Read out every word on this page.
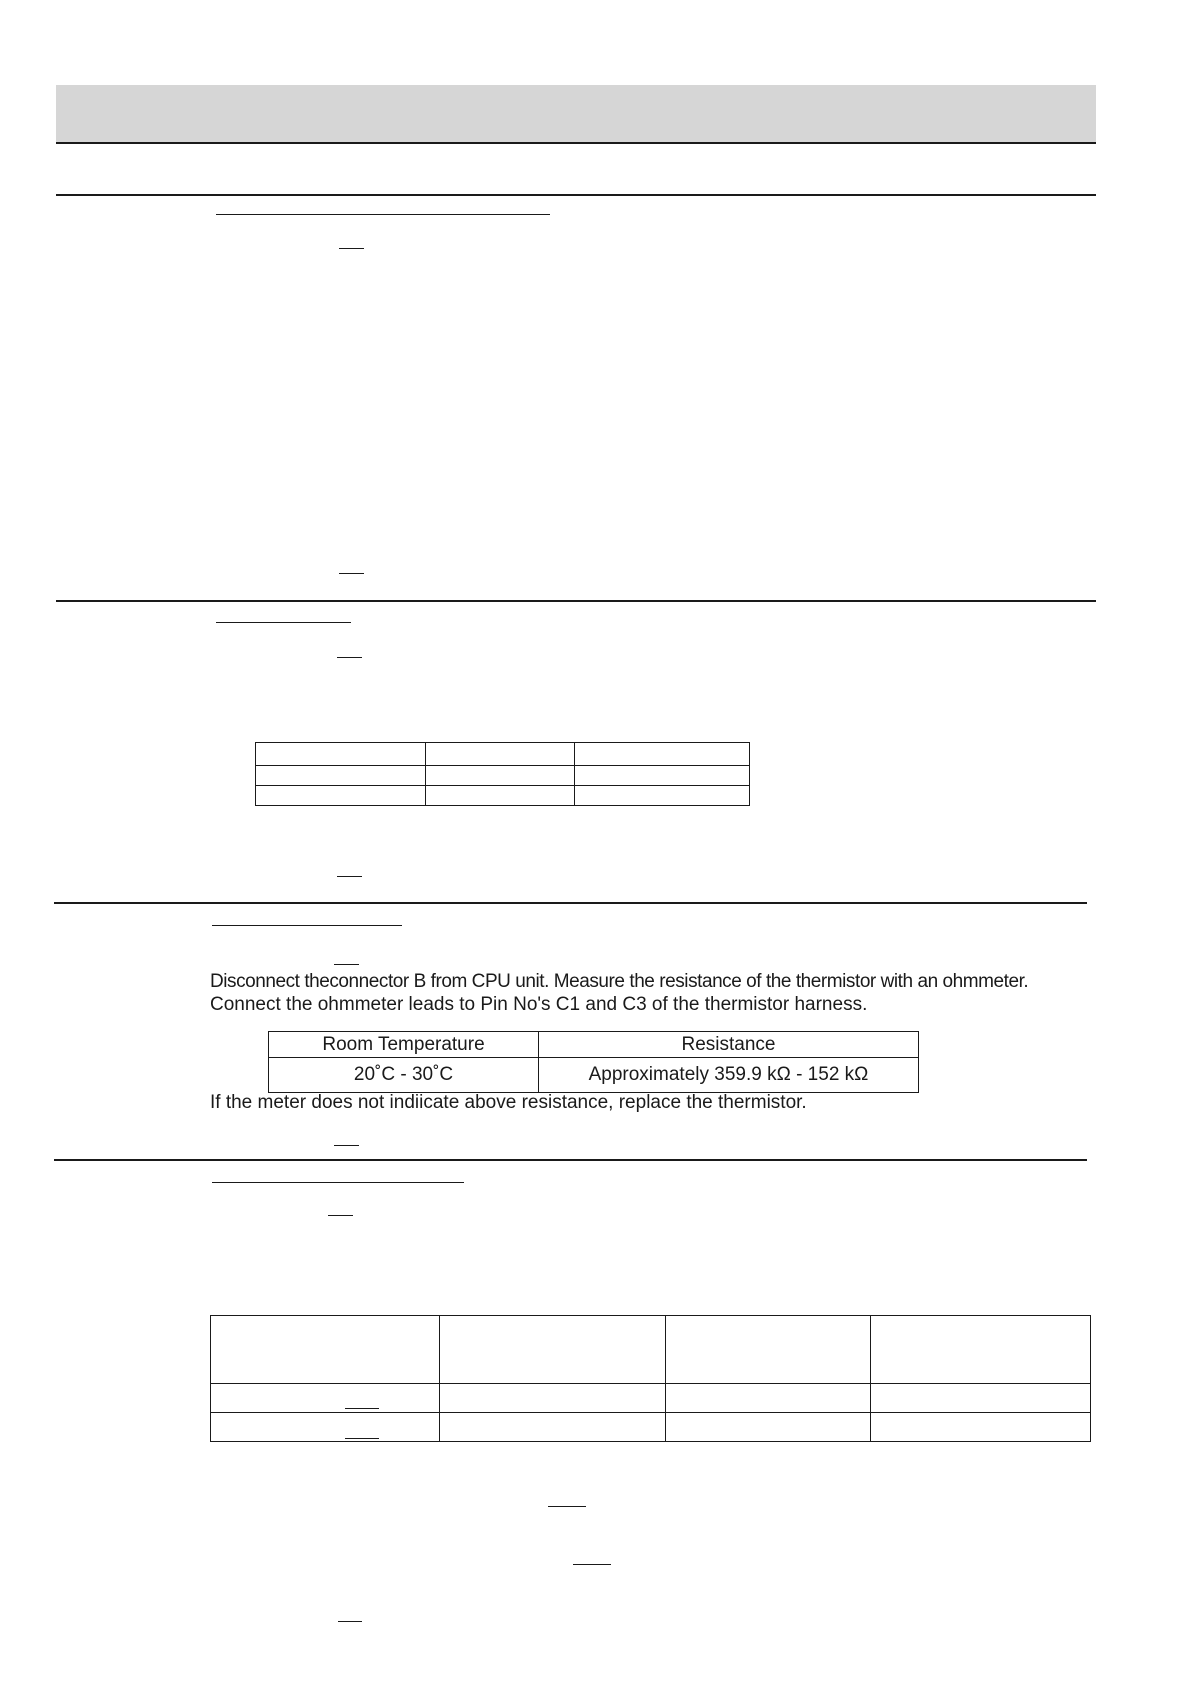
Disconnect theconnector B from CPU unit. Measure the resistance of the thermistor with an ohmmeter.
Connect the ohmmeter leads to Pin No's C1 and C3 of the thermistor harness.
Room Temperature	Resistance
20˚C - 30˚C	Approximately 359.9 kΩ - 152 kΩ
If the meter does not indiicate above resistance, replace the thermistor.
